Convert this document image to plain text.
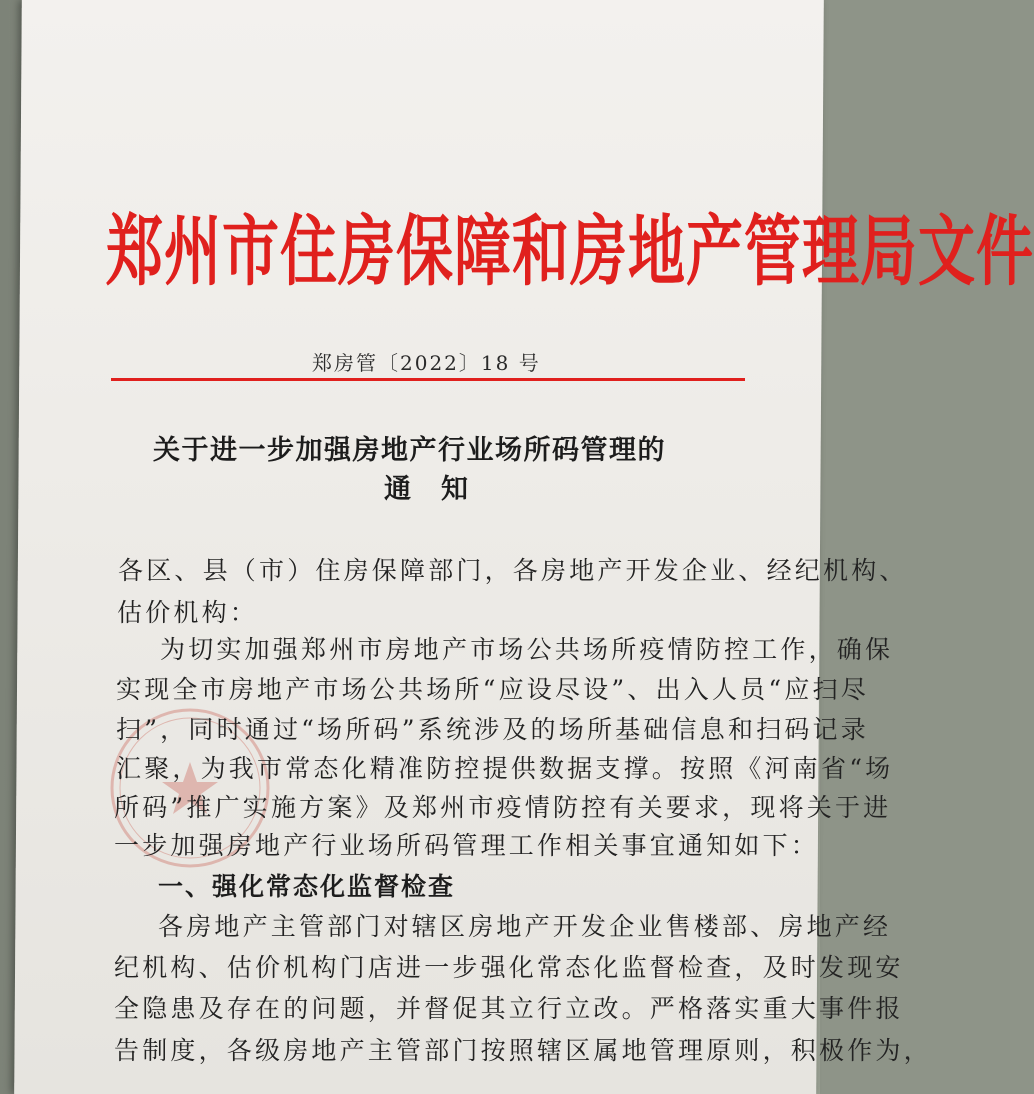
郑州市住房保障和房地产管理局文件
郑房管〔2022〕18 号
关于进一步加强房地产行业场所码管理的
通　知
各区、县（市）住房保障部门，各房地产开发企业、经纪机构、
估价机构：
为切实加强郑州市房地产市场公共场所疫情防控工作，确保
实现全市房地产市场公共场所“应设尽设”、出入人员“应扫尽
扫”，同时通过“场所码”系统涉及的场所基础信息和扫码记录
汇聚，为我市常态化精准防控提供数据支撑。按照《河南省“场
所码”推广实施方案》及郑州市疫情防控有关要求，现将关于进
一步加强房地产行业场所码管理工作相关事宜通知如下：
一、强化常态化监督检查
各房地产主管部门对辖区房地产开发企业售楼部、房地产经
纪机构、估价机构门店进一步强化常态化监督检查，及时发现安
全隐患及存在的问题，并督促其立行立改。严格落实重大事件报
告制度，各级房地产主管部门按照辖区属地管理原则，积极作为，
